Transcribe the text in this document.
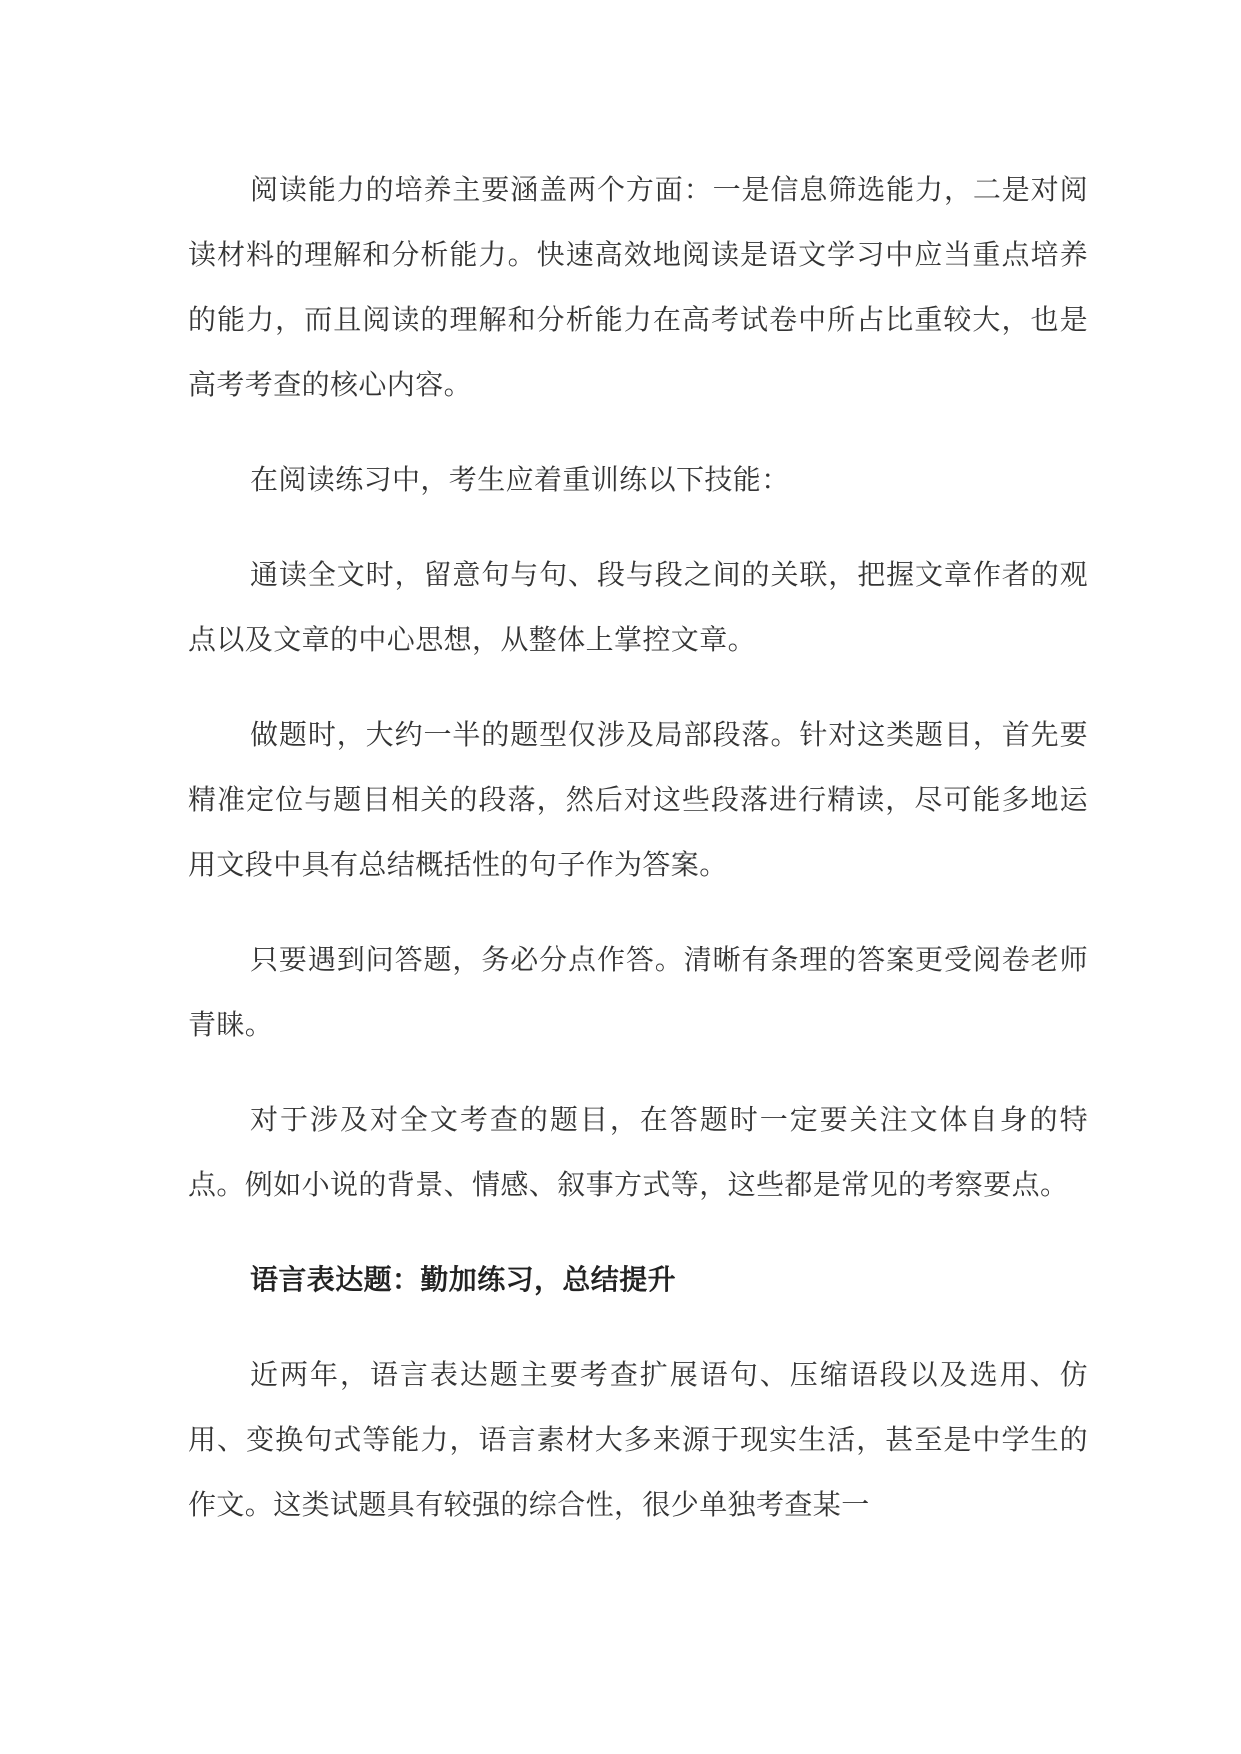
阅读能力的培养主要涵盖两个方面：一是信息筛选能力，二是对阅读材料的理解和分析能力。快速高效地阅读是语文学习中应当重点培养的能力，而且阅读的理解和分析能力在高考试卷中所占比重较大，也是高考考查的核心内容。

在阅读练习中，考生应着重训练以下技能：

通读全文时，留意句与句、段与段之间的关联，把握文章作者的观点以及文章的中心思想，从整体上掌控文章。

做题时，大约一半的题型仅涉及局部段落。针对这类题目，首先要精准定位与题目相关的段落，然后对这些段落进行精读，尽可能多地运用文段中具有总结概括性的句子作为答案。

只要遇到问答题，务必分点作答。清晰有条理的答案更受阅卷老师青睐。

对于涉及对全文考查的题目，在答题时一定要关注文体自身的特点。例如小说的背景、情感、叙事方式等，这些都是常见的考察要点。

语言表达题：勤加练习，总结提升

近两年，语言表达题主要考查扩展语句、压缩语段以及选用、仿用、变换句式等能力，语言素材大多来源于现实生活，甚至是中学生的作文。这类试题具有较强的综合性，很少单独考查某一
